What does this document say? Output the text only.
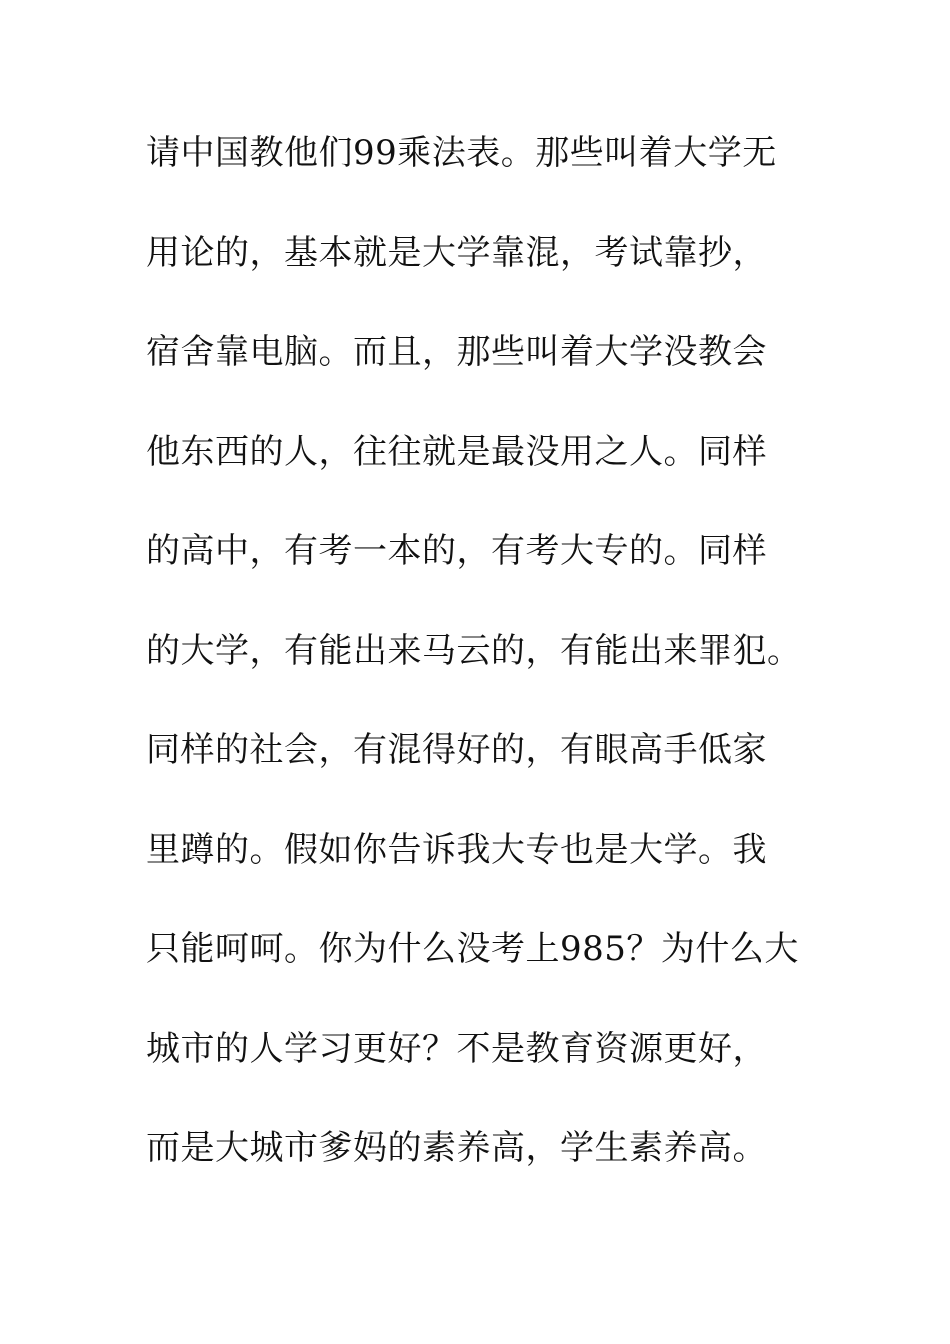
请中国教他们99乘法表。那些叫着大学无
用论的，基本就是大学靠混，考试靠抄，
宿舍靠电脑。而且，那些叫着大学没教会
他东西的人，往往就是最没用之人。同样
的高中，有考一本的，有考大专的。同样
的大学，有能出来马云的，有能出来罪犯。
同样的社会，有混得好的，有眼高手低家
里蹲的。假如你告诉我大专也是大学。我
只能呵呵。你为什么没考上985？为什么大
城市的人学习更好？不是教育资源更好，
而是大城市爹妈的素养高，学生素养高。
